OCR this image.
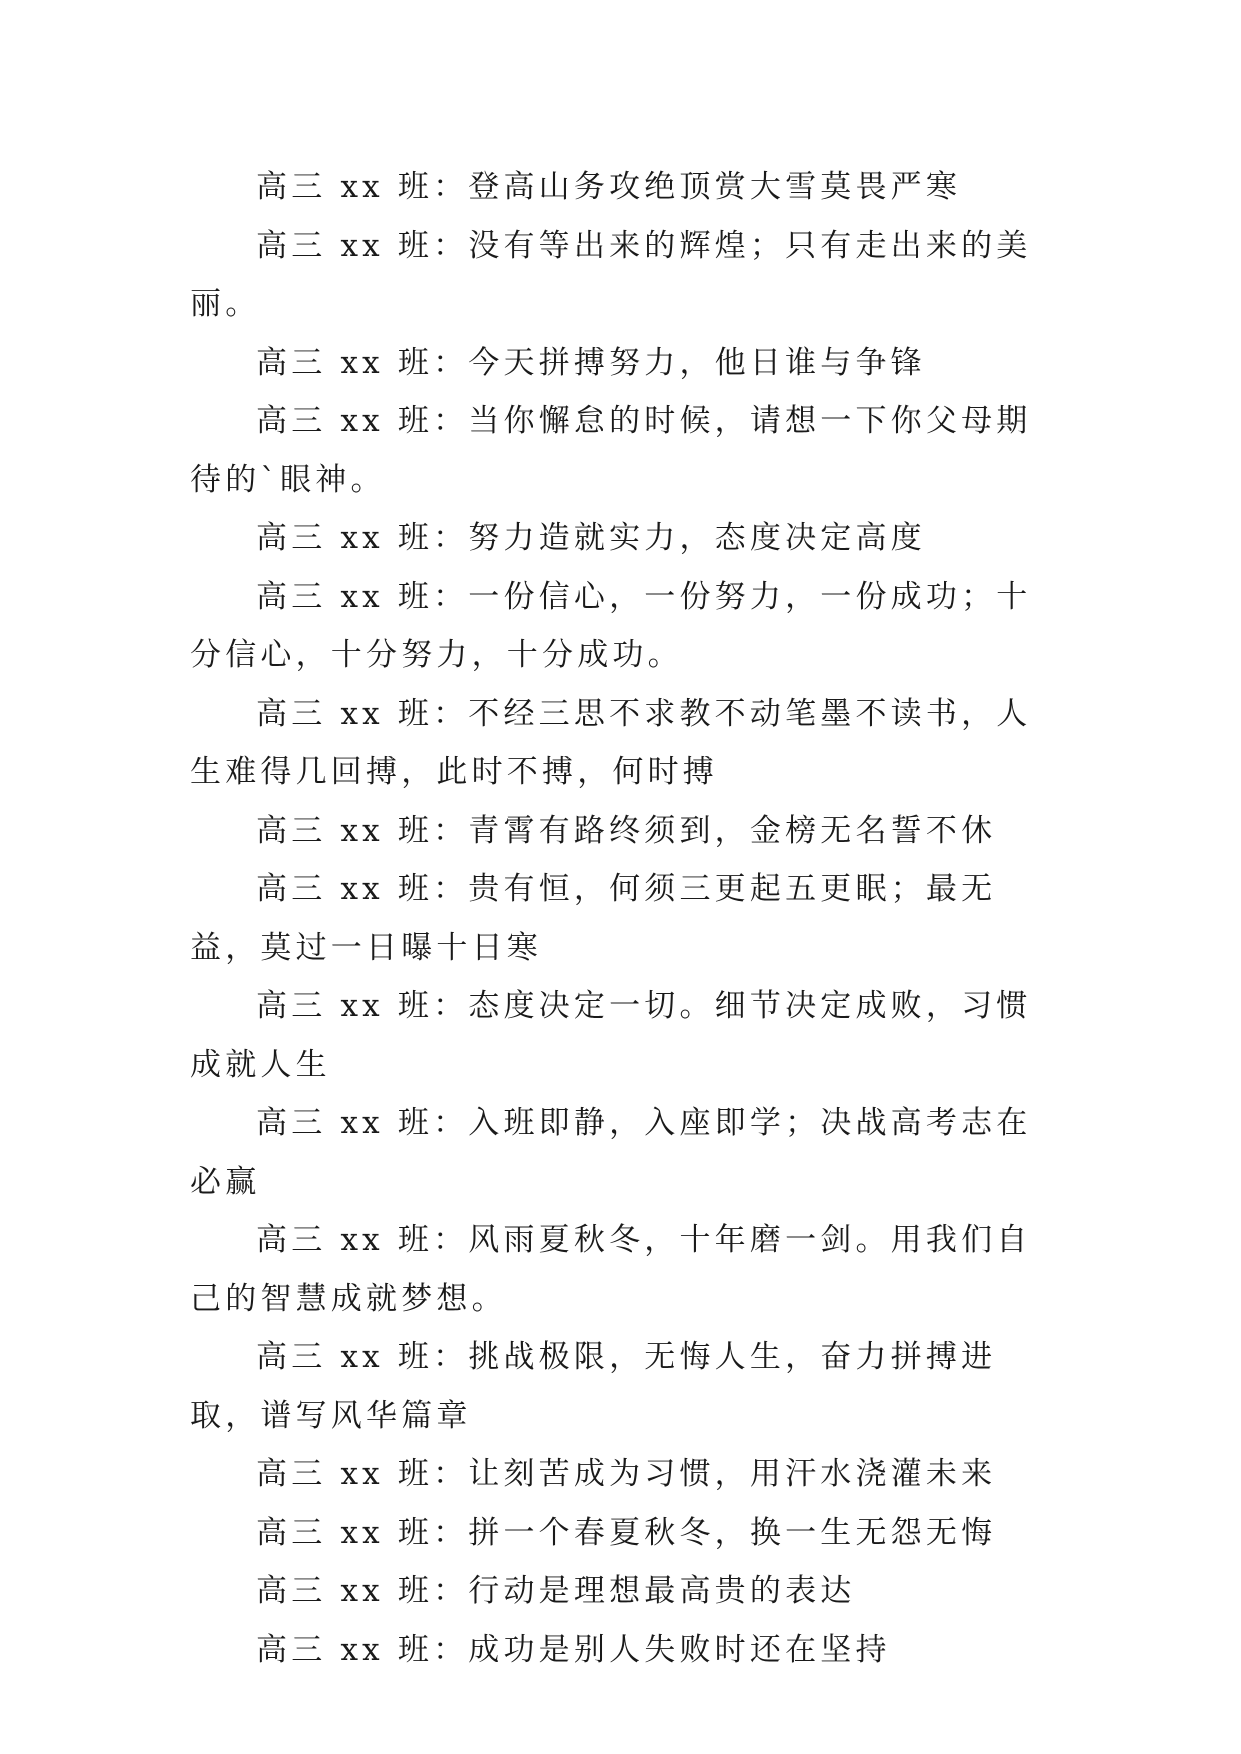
高三 xx 班：登高山务攻绝顶赏大雪莫畏严寒

高三 xx 班：没有等出来的辉煌；只有走出来的美丽。

高三 xx 班：今天拼搏努力，他日谁与争锋

高三 xx 班：当你懈怠的时候，请想一下你父母期待的`眼神。

高三 xx 班：努力造就实力，态度决定高度

高三 xx 班：一份信心，一份努力，一份成功；十分信心，十分努力，十分成功。

高三 xx 班：不经三思不求教不动笔墨不读书，人生难得几回搏，此时不搏，何时搏

高三 xx 班：青霄有路终须到，金榜无名誓不休

高三 xx 班：贵有恒，何须三更起五更眠；最无益，莫过一日曝十日寒

高三 xx 班：态度决定一切。细节决定成败，习惯成就人生

高三 xx 班：入班即静，入座即学；决战高考志在必赢

高三 xx 班：风雨夏秋冬，十年磨一剑。用我们自己的智慧成就梦想。

高三 xx 班：挑战极限，无悔人生，奋力拼搏进取，谱写风华篇章

高三 xx 班：让刻苦成为习惯，用汗水浇灌未来

高三 xx 班：拼一个春夏秋冬，换一生无怨无悔

高三 xx 班：行动是理想最高贵的表达

高三 xx 班：成功是别人失败时还在坚持
